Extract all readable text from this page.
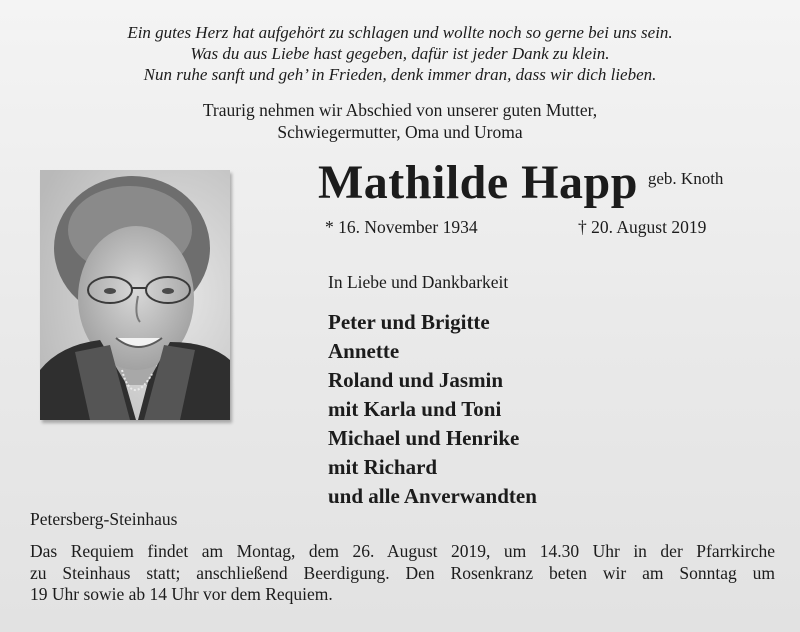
Ein gutes Herz hat aufgehört zu schlagen und wollte noch so gerne bei uns sein.
Was du aus Liebe hast gegeben, dafür ist jeder Dank zu klein.
Nun ruhe sanft und geh’ in Frieden, denk immer dran, dass wir dich lieben.
Traurig nehmen wir Abschied von unserer guten Mutter,
Schwiegermutter, Oma und Uroma
Mathilde Happ geb. Knoth
* 16. November 1934	† 20. August 2019
In Liebe und Dankbarkeit
Peter und Brigitte
Annette
Roland und Jasmin
mit Karla und Toni
Michael und Henrike
mit Richard
und alle Anverwandten
Petersberg-Steinhaus
Das Requiem findet am Montag, dem 26. August 2019, um 14.30 Uhr in der Pfarrkirche
zu Steinhaus statt; anschließend Beerdigung. Den Rosenkranz beten wir am Sonntag um
19 Uhr sowie ab 14 Uhr vor dem Requiem.
